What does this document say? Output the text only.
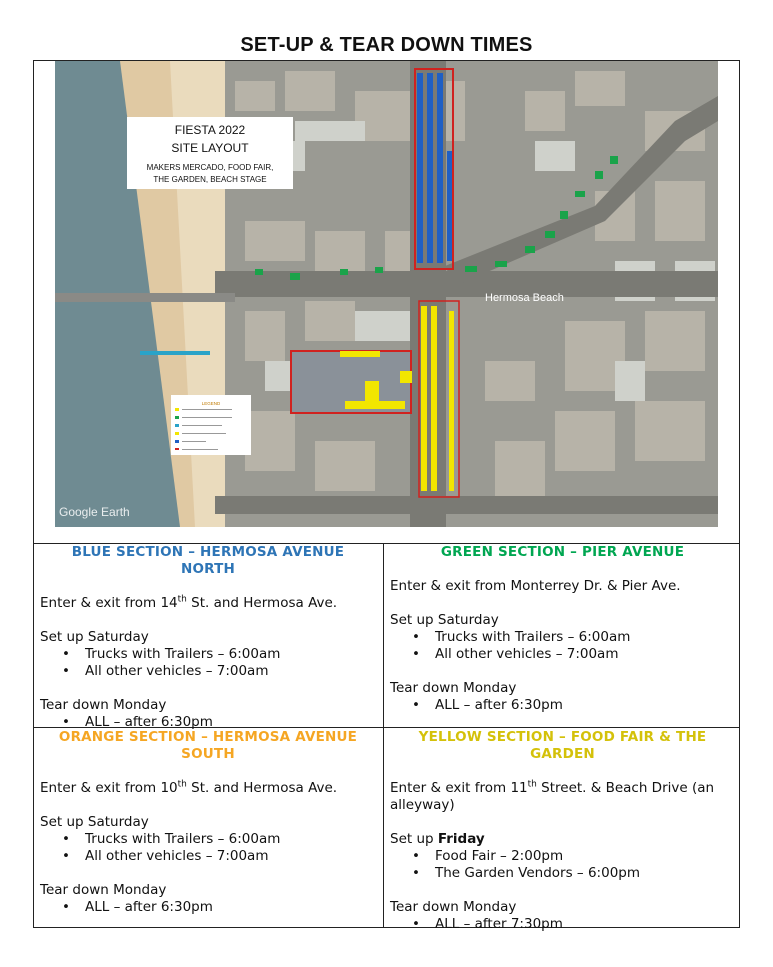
SET-UP & TEAR DOWN TIMES
FIESTA 2022
SITE LAYOUT
MAKERS MERCADO, FOOD FAIR,
THE GARDEN, BEACH STAGE
LEGEND
Hermosa Beach
Google Earth
BLUE SECTION – HERMOSA AVENUE
NORTH

Enter & exit from 14th St. and Hermosa Ave.

Set up Saturday

• Trucks with Trailers – 6:00am
• All other vehicles – 7:00am

Tear down Monday

• ALL – after 6:30pm
GREEN SECTION – PIER AVENUE

Enter & exit from Monterrey Dr. & Pier Ave.

Set up Saturday

• Trucks with Trailers – 6:00am
• All other vehicles – 7:00am

Tear down Monday

• ALL – after 6:30pm
ORANGE SECTION – HERMOSA AVENUE
SOUTH

Enter & exit from 10th St. and Hermosa Ave.

Set up Saturday

• Trucks with Trailers – 6:00am
• All other vehicles – 7:00am

Tear down Monday

• ALL – after 6:30pm
YELLOW SECTION – FOOD FAIR & THE
GARDEN

Enter & exit from 11th Street. & Beach Drive (an

alleyway)

Set up Friday

• Food Fair – 2:00pm
• The Garden Vendors – 6:00pm

Tear down Monday

• ALL – after 7:30pm
